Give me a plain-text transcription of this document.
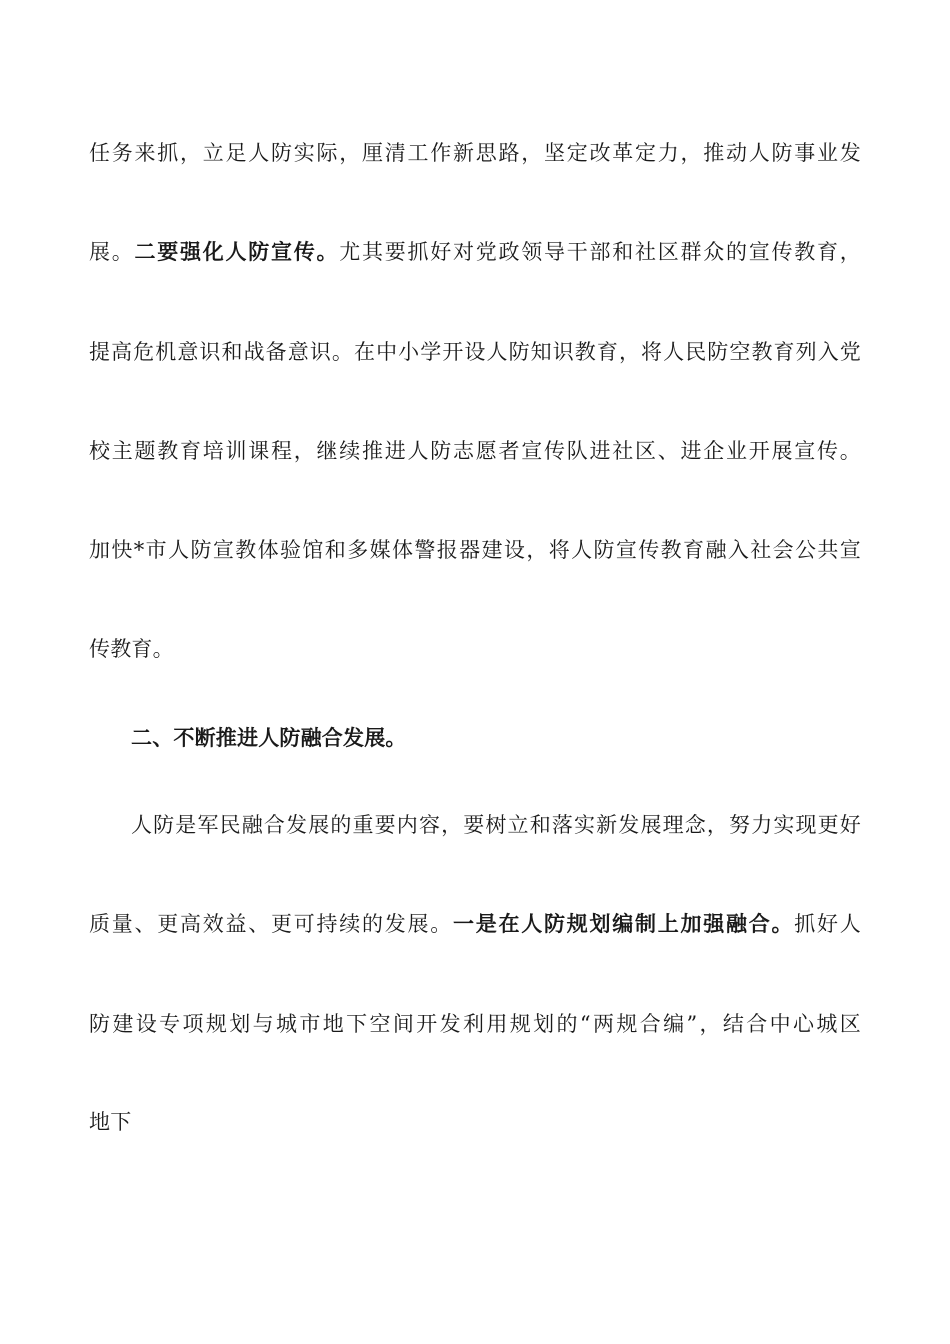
任务来抓，立足人防实际，厘清工作新思路，坚定改革定力，推动人防事业发
展。二要强化人防宣传。尤其要抓好对党政领导干部和社区群众的宣传教育，
提高危机意识和战备意识。在中小学开设人防知识教育，将人民防空教育列入党
校主题教育培训课程，继续推进人防志愿者宣传队进社区、进企业开展宣传。
加快*市人防宣教体验馆和多媒体警报器建设，将人防宣传教育融入社会公共宣
传教育。
二、不断推进人防融合发展。
人防是军民融合发展的重要内容，要树立和落实新发展理念，努力实现更好
质量、更高效益、更可持续的发展。一是在人防规划编制上加强融合。抓好人
防建设专项规划与城市地下空间开发利用规划的“两规合编”，结合中心城区
地下
